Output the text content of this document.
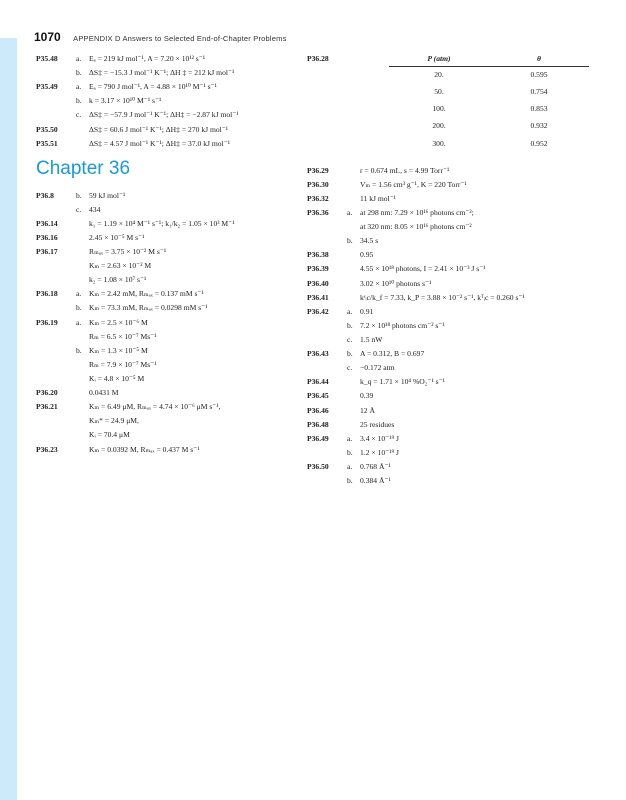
1070 APPENDIX D Answers to Selected End-of-Chapter Problems
P35.48	a.	Eₐ = 219 kJ mol⁻¹, A = 7.20 × 10¹² s⁻¹
b. ΔS‡ = −15.3 J mol⁻¹ K⁻¹; ΔH ‡ = 212 kJ mol⁻¹
P35.49	a.	Eₐ = 790 J mol⁻¹, A = 4.88 × 10¹⁰ M⁻¹ s⁻¹
b. k = 3.17 × 10¹⁰ M⁻¹ s⁻¹
c.	ΔS‡ = −57.9 J mol⁻¹ K⁻¹; ΔH‡ = −2.87 kJ mol⁻¹
P35.50	ΔS‡ = 60.6 J mol⁻¹ K⁻¹; ΔH‡ = 270 kJ mol⁻¹
P35.51	ΔS‡ = 4.57 J mol⁻¹ K⁻¹; ΔH‡ = 37.0 kJ mol⁻¹
Chapter 36
P36.8	b. 59 kJ mol⁻¹
c.	434
P36.14	k₁ = 1.19 × 10⁴ M⁻¹ s⁻¹; k₁/k₂ = 1.05 × 10³ M⁻¹
P36.16	2.45 × 10⁻⁵ M s⁻¹
P36.17	Rₘₐₓ = 3.75 × 10⁻² M s⁻¹
Kₘ = 2.63 × 10⁻² M
k₂ = 1.08 × 10⁷ s⁻¹
P36.18	a.	Kₘ = 2.42 mM, Rₘₐₓ = 0.137 mM s⁻¹
b. Kₘ = 73.3 mM, Rₘₐₓ = 0.0298 mM s⁻¹
P36.19	a.	Kₘ = 2.5 × 10⁻⁶ M
Rₘ = 6.5 × 10⁻⁷ Ms⁻¹
b. Kₘ = 1.3 × 10⁻⁵ M
Rₘ = 7.9 × 10⁻⁷ Ms⁻¹
Kᵢ = 4.8 × 10⁻⁵ M
P36.20	0.0431 M
P36.21	Kₘ = 6.49 μM, Rₘₐₓ = 4.74 × 10⁻⁶ μM s⁻¹,
Kₘ* = 24.9 μM,
Kᵢ = 70.4 μM
P36.23	Kₘ = 0.0392 M, Rₘₐₓ = 0.437 M s⁻¹
P36.28	P (atm)	θ
20.	0.595
50.	0.754
100.	0.853
200.	0.932
300.	0.952
P36.29	r = 0.674 mL, s = 4.99 Torr⁻¹
P36.30	Vₘ = 1.56 cm³ g⁻¹, K = 220 Torr⁻¹
P36.32	11 kJ mol⁻¹
P36.36	a.	at 298 nm: 7.29 × 10¹⁶ photons cm⁻²;
at 320 nm: 8.05 × 10¹⁶ photons cm⁻²
b. 34.5 s
P36.38	0.95
P36.39	4.55 × 10¹⁸ photons, I = 2.41 × 10⁻³ J s⁻¹
P36.40	3.02 × 10¹⁰ photons s⁻¹
P36.41	kˢᵢc/k_f = 7.33, k_P = 3.88 × 10⁻² s⁻¹, kᵀᵢc = 0.260 s⁻¹
P36.42	a.	0.91
b. 7.2 × 10¹⁸ photons cm⁻² s⁻¹
c.	1.5 nW
P36.43	b. A = 0.312, B = 0.697
c.	−0.172 atm
P36.44	k_q = 1.71 × 10⁴ %O₂⁻¹ s⁻¹
P36.45	0.39
P36.46	12 Å
P36.48	25 residues
P36.49	a.	3.4 × 10⁻¹⁹ J
b. 1.2 × 10⁻¹⁹ J
P36.50	a.	0.768 Å⁻¹
b. 0.384 Å⁻¹
